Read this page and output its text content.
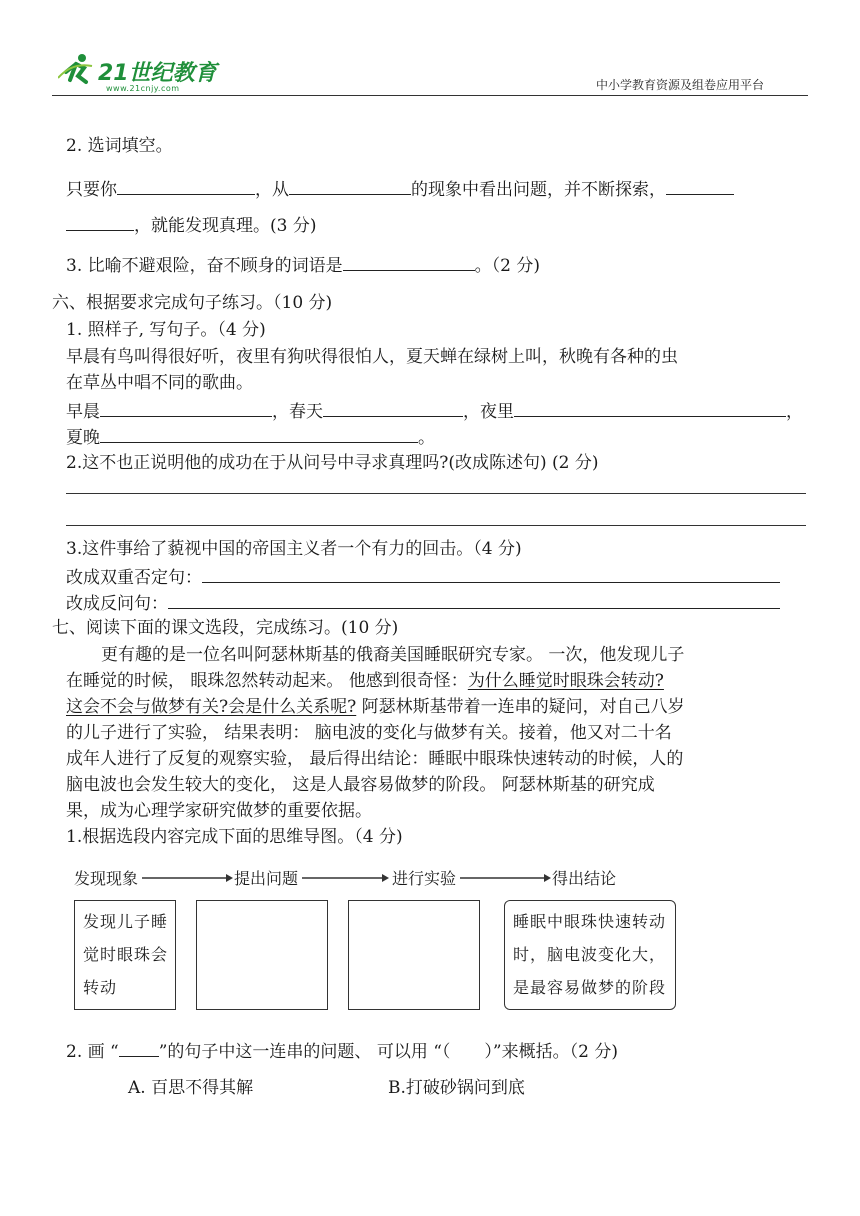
21世纪教育
www.21cnjy.com	中小学教育资源及组卷应用平台
2. 选词填空。
只要你	，从	的现象中看出问题，并不断探索，
，就能发现真理。(3 分)
3. 比喻不避艰险，奋不顾身的词语是	。（2 分)
六、根据要求完成句子练习。（10 分)
1. 照样子, 写句子。（4 分)
早晨有鸟叫得很好听，夜里有狗吠得很怕人，夏天蝉在绿树上叫，秋晚有各种的虫
在草丛中唱不同的歌曲。
早晨	，春天	，夜里	，
夏晚	。
2.这不也正说明他的成功在于从问号中寻求真理吗?(改成陈述句) (2 分)
3.这件事给了藐视中国的帝国主义者一个有力的回击。（4 分)
改成双重否定句：
改成反问句：
七、阅读下面的课文选段，完成练习。(10 分)
更有趣的是一位名叫阿瑟林斯基的俄裔美国睡眠研究专家。 一次，他发现儿子
在睡觉的时候， 眼珠忽然转动起来。 他感到很奇怪：为什么睡觉时眼珠会转动?
这会不会与做梦有关?会是什么关系呢? 阿瑟林斯基带着一连串的疑问，对自己八岁
的儿子进行了实验， 结果表明： 脑电波的变化与做梦有关。接着，他又对二十名
成年人进行了反复的观察实验， 最后得出结论：睡眠中眼珠快速转动的时候，人的
脑电波也会发生较大的变化， 这是人最容易做梦的阶段。 阿瑟林斯基的研究成
果，成为心理学家研究做梦的重要依据。
1.根据选段内容完成下面的思维导图。（4 分)
发现现象	提出问题	进行实验	得出结论
发现儿子睡觉时眼珠会转动
睡眠中眼珠快速转动时，脑电波变化大，是最容易做梦的阶段
2. 画 “ ”的句子中这一连串的问题、 可以用 “（ ）”来概括。（2 分)
A. 百思不得其解	B.打破砂锅问到底
